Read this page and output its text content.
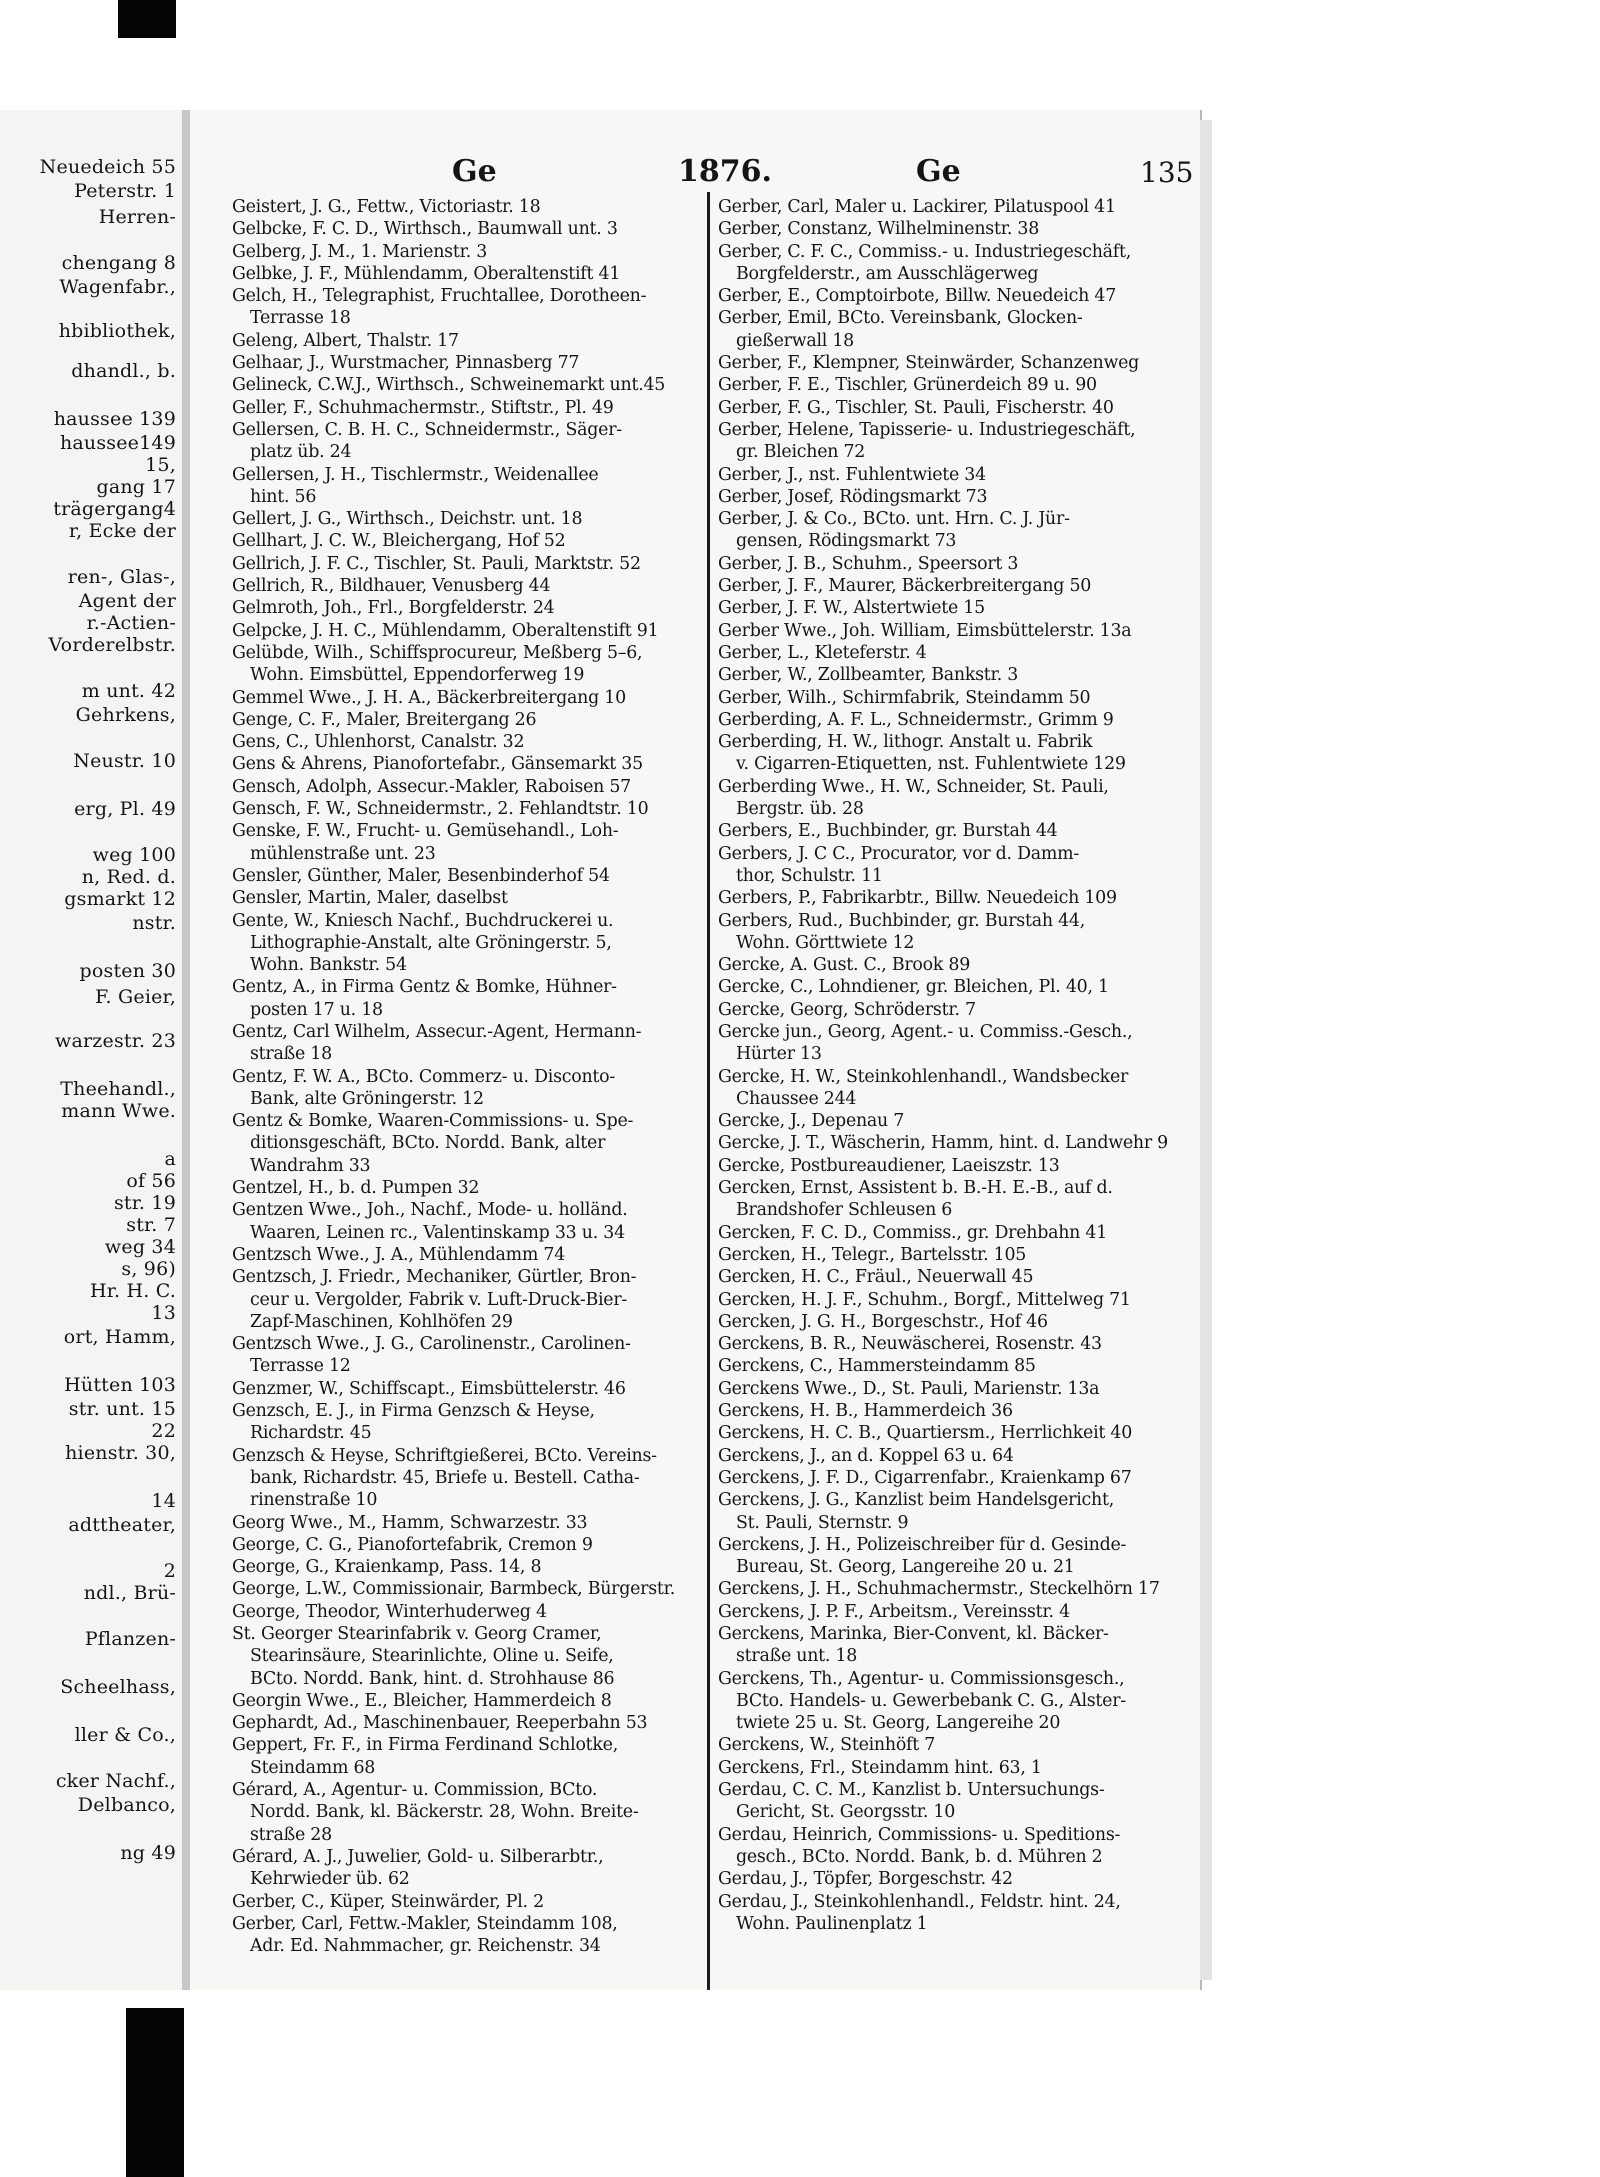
Neuedeich 55
Peterstr. 1
Herren-
chengang 8
Wagenfabr.,
hbibliothek,
dhandl., b.
haussee 139
haussee149
15,
gang 17
trägergang4
r, Ecke der
ren-, Glas-,
Agent der
r.-Actien-
Vorderelbstr.
m unt. 42
Gehrkens,
Neustr. 10
erg, Pl. 49
weg 100
n, Red. d.
gsmarkt 12
nstr.
posten 30
F. Geier,
warzestr. 23
Theehandl.,
mann Wwe.
a
of 56
str. 19
str. 7
weg 34
s, 96)
Hr. H. C.
13
ort, Hamm,
Hütten 103
str. unt. 15
22
hienstr. 30,
14
adttheater,
2
ndl., Brü-
Pflanzen-
Scheelhass,
ller & Co.,
cker Nachf.,
Delbanco,
ng 49
Ge	1876.	Ge	135
Geistert, J. G., Fettw., Victoriastr. 18
Gelbcke, F. C. D., Wirthsch., Baumwall unt. 3
Gelberg, J. M., 1. Marienstr. 3
Gelbke, J. F., Mühlendamm, Oberaltenstift 41
Gelch, H., Telegraphist, Fruchtallee, Dorotheen-
Terrasse 18
Geleng, Albert, Thalstr. 17
Gelhaar, J., Wurstmacher, Pinnasberg 77
Gelineck, C.W.J., Wirthsch., Schweinemarkt unt.45
Geller, F., Schuhmachermstr., Stiftstr., Pl. 49
Gellersen, C. B. H. C., Schneidermstr., Säger-
platz üb. 24
Gellersen, J. H., Tischlermstr., Weidenallee
hint. 56
Gellert, J. G., Wirthsch., Deichstr. unt. 18
Gellhart, J. C. W., Bleichergang, Hof 52
Gellrich, J. F. C., Tischler, St. Pauli, Marktstr. 52
Gellrich, R., Bildhauer, Venusberg 44
Gelmroth, Joh., Frl., Borgfelderstr. 24
Gelpcke, J. H. C., Mühlendamm, Oberaltenstift 91
Gelübde, Wilh., Schiffsprocureur, Meßberg 5–6,
Wohn. Eimsbüttel, Eppendorferweg 19
Gemmel Wwe., J. H. A., Bäckerbreitergang 10
Genge, C. F., Maler, Breitergang 26
Gens, C., Uhlenhorst, Canalstr. 32
Gens & Ahrens, Pianofortefabr., Gänsemarkt 35
Gensch, Adolph, Assecur.-Makler, Raboisen 57
Gensch, F. W., Schneidermstr., 2. Fehlandtstr. 10
Genske, F. W., Frucht- u. Gemüsehandl., Loh-
mühlenstraße unt. 23
Gensler, Günther, Maler, Besenbinderhof 54
Gensler, Martin, Maler, daselbst
Gente, W., Kniesch Nachf., Buchdruckerei u.
Lithographie-Anstalt, alte Gröningerstr. 5,
Wohn. Bankstr. 54
Gentz, A., in Firma Gentz & Bomke, Hühner-
posten 17 u. 18
Gentz, Carl Wilhelm, Assecur.-Agent, Hermann-
straße 18
Gentz, F. W. A., BCto. Commerz- u. Disconto-
Bank, alte Gröningerstr. 12
Gentz & Bomke, Waaren-Commissions- u. Spe-
ditionsgeschäft, BCto. Nordd. Bank, alter
Wandrahm 33
Gentzel, H., b. d. Pumpen 32
Gentzen Wwe., Joh., Nachf., Mode- u. holländ.
Waaren, Leinen rc., Valentinskamp 33 u. 34
Gentzsch Wwe., J. A., Mühlendamm 74
Gentzsch, J. Friedr., Mechaniker, Gürtler, Bron-
ceur u. Vergolder, Fabrik v. Luft-Druck-Bier-
Zapf-Maschinen, Kohlhöfen 29
Gentzsch Wwe., J. G., Carolinenstr., Carolinen-
Terrasse 12
Genzmer, W., Schiffscapt., Eimsbüttelerstr. 46
Genzsch, E. J., in Firma Genzsch & Heyse,
Richardstr. 45
Genzsch & Heyse, Schriftgießerei, BCto. Vereins-
bank, Richardstr. 45, Briefe u. Bestell. Catha-
rinenstraße 10
Georg Wwe., M., Hamm, Schwarzestr. 33
George, C. G., Pianofortefabrik, Cremon 9
George, G., Kraienkamp, Pass. 14, 8
George, L.W., Commissionair, Barmbeck, Bürgerstr.
George, Theodor, Winterhuderweg 4
St. Georger Stearinfabrik v. Georg Cramer,
Stearinsäure, Stearinlichte, Oline u. Seife,
BCto. Nordd. Bank, hint. d. Strohhause 86
Georgin Wwe., E., Bleicher, Hammerdeich 8
Gephardt, Ad., Maschinenbauer, Reeperbahn 53
Geppert, Fr. F., in Firma Ferdinand Schlotke,
Steindamm 68
Gérard, A., Agentur- u. Commission, BCto.
Nordd. Bank, kl. Bäckerstr. 28, Wohn. Breite-
straße 28
Gérard, A. J., Juwelier, Gold- u. Silberarbtr.,
Kehrwieder üb. 62
Gerber, C., Küper, Steinwärder, Pl. 2
Gerber, Carl, Fettw.-Makler, Steindamm 108,
Adr. Ed. Nahmmacher, gr. Reichenstr. 34
Gerber, Carl, Maler u. Lackirer, Pilatuspool 41
Gerber, Constanz, Wilhelminenstr. 38
Gerber, C. F. C., Commiss.- u. Industriegeschäft,
Borgfelderstr., am Ausschlägerweg
Gerber, E., Comptoirbote, Billw. Neuedeich 47
Gerber, Emil, BCto. Vereinsbank, Glocken-
gießerwall 18
Gerber, F., Klempner, Steinwärder, Schanzenweg
Gerber, F. E., Tischler, Grünerdeich 89 u. 90
Gerber, F. G., Tischler, St. Pauli, Fischerstr. 40
Gerber, Helene, Tapisserie- u. Industriegeschäft,
gr. Bleichen 72
Gerber, J., nst. Fuhlentwiete 34
Gerber, Josef, Rödingsmarkt 73
Gerber, J. & Co., BCto. unt. Hrn. C. J. Jür-
gensen, Rödingsmarkt 73
Gerber, J. B., Schuhm., Speersort 3
Gerber, J. F., Maurer, Bäckerbreitergang 50
Gerber, J. F. W., Alstertwiete 15
Gerber Wwe., Joh. William, Eimsbüttelerstr. 13a
Gerber, L., Kleteferstr. 4
Gerber, W., Zollbeamter, Bankstr. 3
Gerber, Wilh., Schirmfabrik, Steindamm 50
Gerberding, A. F. L., Schneidermstr., Grimm 9
Gerberding, H. W., lithogr. Anstalt u. Fabrik
v. Cigarren-Etiquetten, nst. Fuhlentwiete 129
Gerberding Wwe., H. W., Schneider, St. Pauli,
Bergstr. üb. 28
Gerbers, E., Buchbinder, gr. Burstah 44
Gerbers, J. C C., Procurator, vor d. Damm-
thor, Schulstr. 11
Gerbers, P., Fabrikarbtr., Billw. Neuedeich 109
Gerbers, Rud., Buchbinder, gr. Burstah 44,
Wohn. Görttwiete 12
Gercke, A. Gust. C., Brook 89
Gercke, C., Lohndiener, gr. Bleichen, Pl. 40, 1
Gercke, Georg, Schröderstr. 7
Gercke jun., Georg, Agent.- u. Commiss.-Gesch.,
Hürter 13
Gercke, H. W., Steinkohlenhandl., Wandsbecker
Chaussee 244
Gercke, J., Depenau 7
Gercke, J. T., Wäscherin, Hamm, hint. d. Landwehr 9
Gercke, Postbureaudiener, Laeiszstr. 13
Gercken, Ernst, Assistent b. B.-H. E.-B., auf d.
Brandshofer Schleusen 6
Gercken, F. C. D., Commiss., gr. Drehbahn 41
Gercken, H., Telegr., Bartelsstr. 105
Gercken, H. C., Fräul., Neuerwall 45
Gercken, H. J. F., Schuhm., Borgf., Mittelweg 71
Gercken, J. G. H., Borgeschstr., Hof 46
Gerckens, B. R., Neuwäscherei, Rosenstr. 43
Gerckens, C., Hammersteindamm 85
Gerckens Wwe., D., St. Pauli, Marienstr. 13a
Gerckens, H. B., Hammerdeich 36
Gerckens, H. C. B., Quartiersm., Herrlichkeit 40
Gerckens, J., an d. Koppel 63 u. 64
Gerckens, J. F. D., Cigarrenfabr., Kraienkamp 67
Gerckens, J. G., Kanzlist beim Handelsgericht,
St. Pauli, Sternstr. 9
Gerckens, J. H., Polizeischreiber für d. Gesinde-
Bureau, St. Georg, Langereihe 20 u. 21
Gerckens, J. H., Schuhmachermstr., Steckelhörn 17
Gerckens, J. P. F., Arbeitsm., Vereinsstr. 4
Gerckens, Marinka, Bier-Convent, kl. Bäcker-
straße unt. 18
Gerckens, Th., Agentur- u. Commissionsgesch.,
BCto. Handels- u. Gewerbebank C. G., Alster-
twiete 25 u. St. Georg, Langereihe 20
Gerckens, W., Steinhöft 7
Gerckens, Frl., Steindamm hint. 63, 1
Gerdau, C. C. M., Kanzlist b. Untersuchungs-
Gericht, St. Georgsstr. 10
Gerdau, Heinrich, Commissions- u. Speditions-
gesch., BCto. Nordd. Bank, b. d. Mühren 2
Gerdau, J., Töpfer, Borgeschstr. 42
Gerdau, J., Steinkohlenhandl., Feldstr. hint. 24,
Wohn. Paulinenplatz 1
